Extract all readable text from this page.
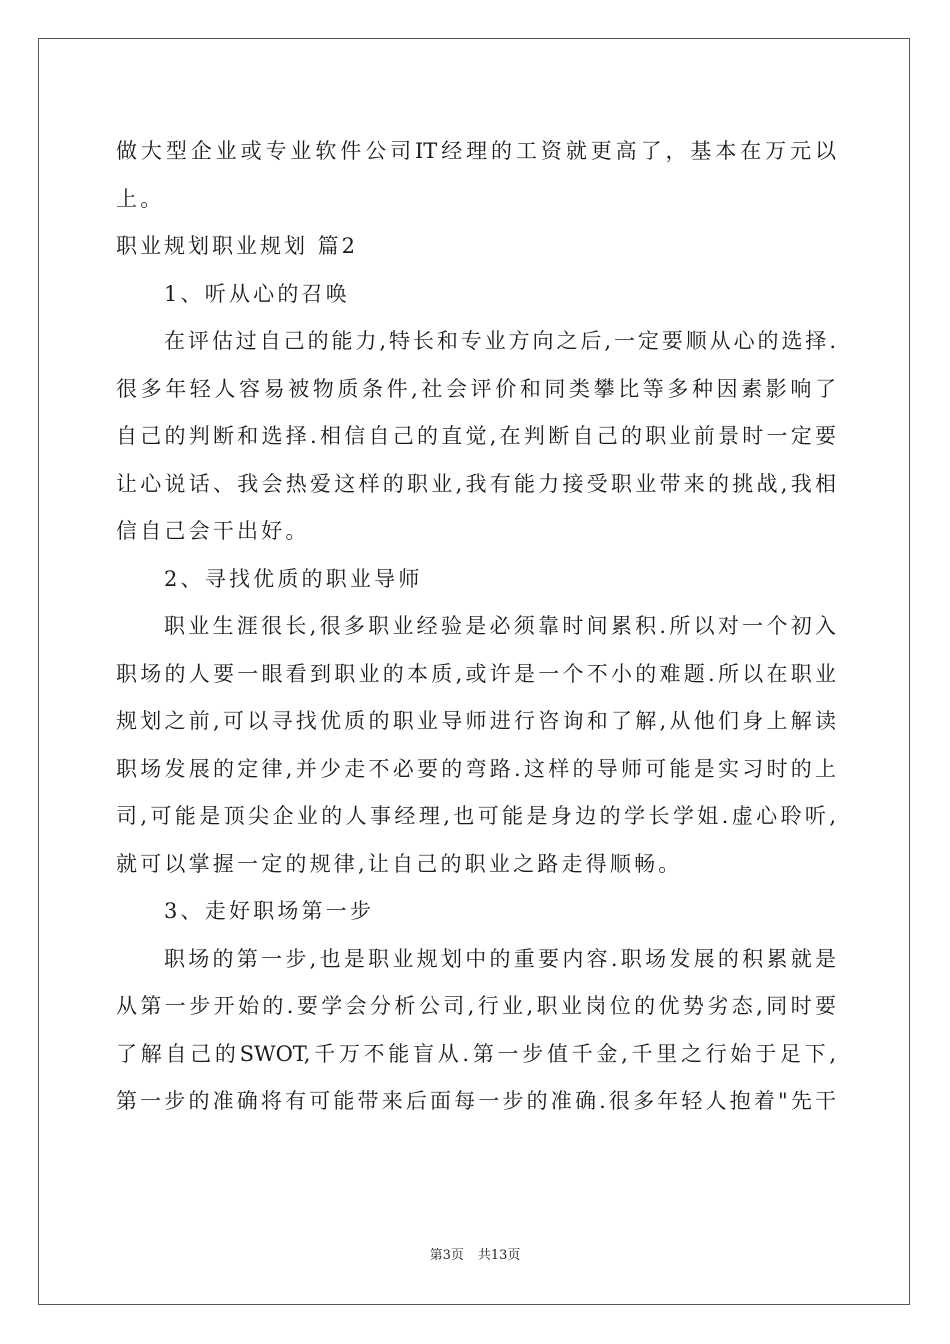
做大型企业或专业软件公司IT经理的工资就更高了，基本在万元以
上。
职业规划职业规划 篇2
1、听从心的召唤
在评估过自己的能力,特长和专业方向之后,一定要顺从心的选择.
很多年轻人容易被物质条件,社会评价和同类攀比等多种因素影响了
自己的判断和选择.相信自己的直觉,在判断自己的职业前景时一定要
让心说话、我会热爱这样的职业,我有能力接受职业带来的挑战,我相
信自己会干出好。
2、寻找优质的职业导师
职业生涯很长,很多职业经验是必须靠时间累积.所以对一个初入
职场的人要一眼看到职业的本质,或许是一个不小的难题.所以在职业
规划之前,可以寻找优质的职业导师进行咨询和了解,从他们身上解读
职场发展的定律,并少走不必要的弯路.这样的导师可能是实习时的上
司,可能是顶尖企业的人事经理,也可能是身边的学长学姐.虚心聆听,
就可以掌握一定的规律,让自己的职业之路走得顺畅。
3、走好职场第一步
职场的第一步,也是职业规划中的重要内容.职场发展的积累就是
从第一步开始的.要学会分析公司,行业,职业岗位的优势劣态,同时要
了解自己的SWOT,千万不能盲从.第一步值千金,千里之行始于足下,
第一步的准确将有可能带来后面每一步的准确.很多年轻人抱着"先干
第3页 共13页
